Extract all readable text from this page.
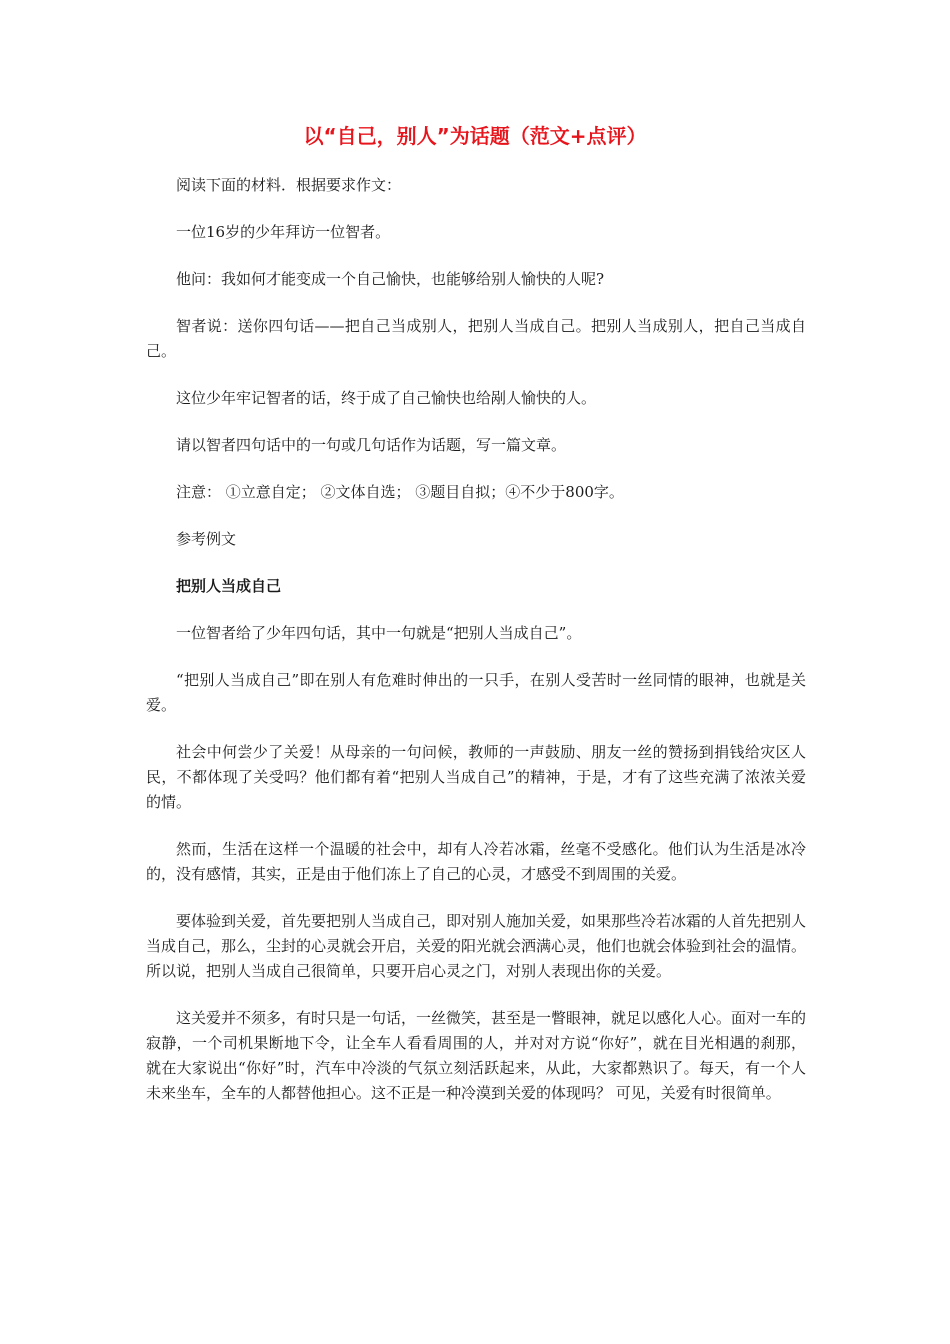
以“自己，别人”为话题（范文+点评）

阅读下面的材料．根据要求作文：

一位16岁的少年拜访一位智者。

他问：我如何才能变成一个自己愉快，也能够给别人愉快的人呢?

智者说：送你四句话——把自己当成别人，把别人当成自己。把别人当成别人，把自己当成自己。

这位少年牢记智者的话，终于成了自己愉快也给剐人愉快的人。

请以智者四句话中的一句或几句话作为话题，写一篇文章。

注意： ①立意自定； ②文体自选； ③题目自拟；④不少于800字。

参考例文

把别人当成自己

一位智者给了少年四句话，其中一句就是“把别人当成自己”。

“把别人当成自己”即在别人有危难时伸出的一只手，在别人受苦时一丝同情的眼神，也就是关爱。

社会中何尝少了关爱！从母亲的一句问候，教师的一声鼓励、朋友一丝的赞扬到捐钱给灾区人民，不都体现了关受吗？他们都有着“把别人当成自己”的精神，于是，才有了这些充满了浓浓关爱的情。

然而，生活在这样一个温暖的社会中，却有人冷若冰霜，丝毫不受感化。他们认为生活是冰冷的，没有感情，其实，正是由于他们冻上了自己的心灵，才感受不到周围的关爱。

要体验到关爱，首先要把别人当成自己，即对别人施加关爱，如果那些冷若冰霜的人首先把别人当成自己，那么，尘封的心灵就会开启，关爱的阳光就会洒满心灵，他们也就会体验到社会的温情。所以说，把别人当成自己很简单，只要开启心灵之门，对别人表现出你的关爱。

这关爱并不须多，有时只是一句话，一丝微笑，甚至是一瞥眼神，就足以感化人心。面对一车的寂静，一个司机果断地下令，让全车人看看周围的人，并对对方说“你好”，就在目光相遇的刹那，就在大家说出“你好”时，汽车中冷淡的气氛立刻活跃起来，从此，大家都熟识了。每天，有一个人未来坐车，全车的人都替他担心。这不正是一种冷漠到关爱的体现吗？ 可见，关爱有时很简单。
